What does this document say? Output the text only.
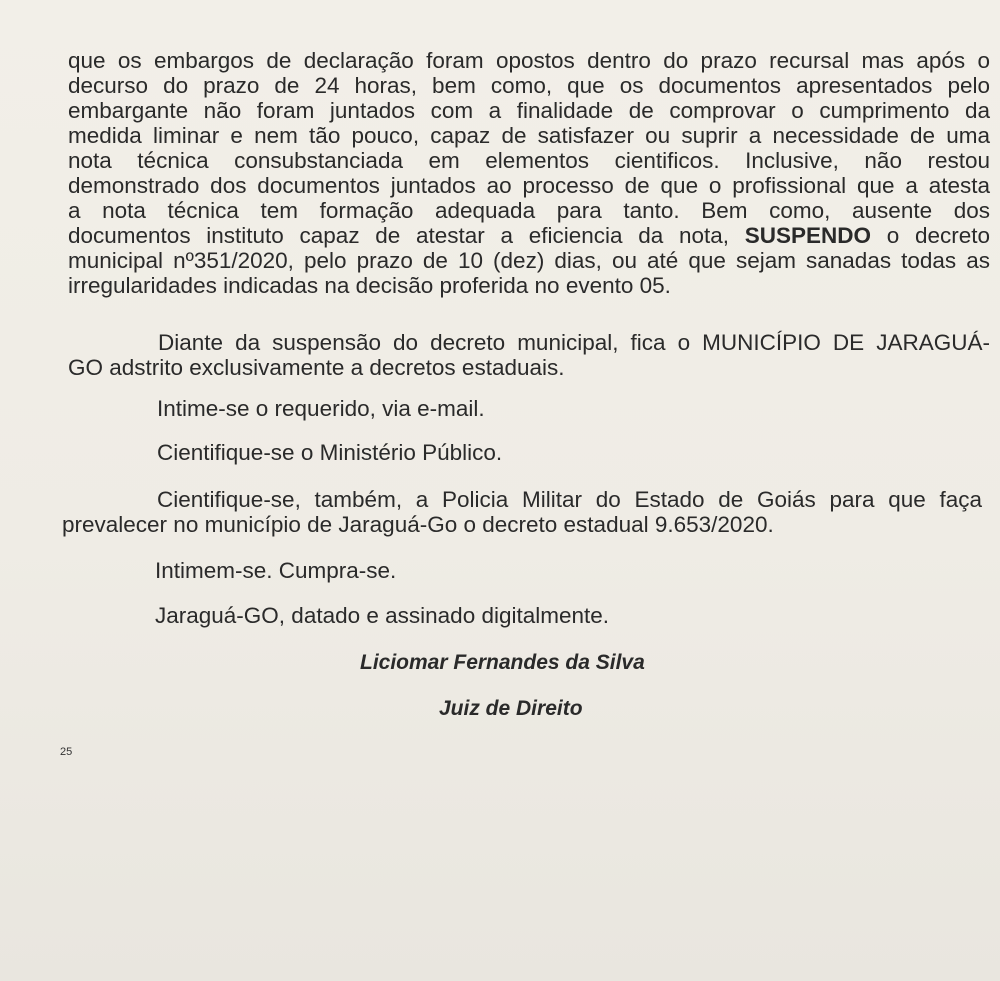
que os embargos de declaração foram opostos dentro do prazo recursal mas após o
decurso do prazo de 24 horas, bem como, que os documentos apresentados pelo
embargante não foram juntados com a finalidade de comprovar o cumprimento da
medida liminar e nem tão pouco, capaz de satisfazer ou suprir a necessidade de uma
nota técnica consubstanciada em elementos cientificos. Inclusive, não restou
demonstrado dos documentos juntados ao processo de que o profissional que a atesta
a nota técnica tem formação adequada para tanto. Bem como, ausente dos
documentos instituto capaz de atestar a eficiencia da nota, SUSPENDO o decreto
municipal nº351/2020, pelo prazo de 10 (dez) dias, ou até que sejam sanadas todas as
irregularidades indicadas na decisão proferida no evento 05.
Diante da suspensão do decreto municipal, fica o MUNICÍPIO DE JARAGUÁ-
GO adstrito exclusivamente a decretos estaduais.
Intime-se o requerido, via e-mail.
Cientifique-se o Ministério Público.
Cientifique-se, também, a Policia Militar do Estado de Goiás para que faça
prevalecer no município de Jaraguá-Go o decreto estadual 9.653/2020.
Intimem-se. Cumpra-se.
Jaraguá-GO, datado e assinado digitalmente.
Liciomar Fernandes da Silva
Juiz de Direito
25
